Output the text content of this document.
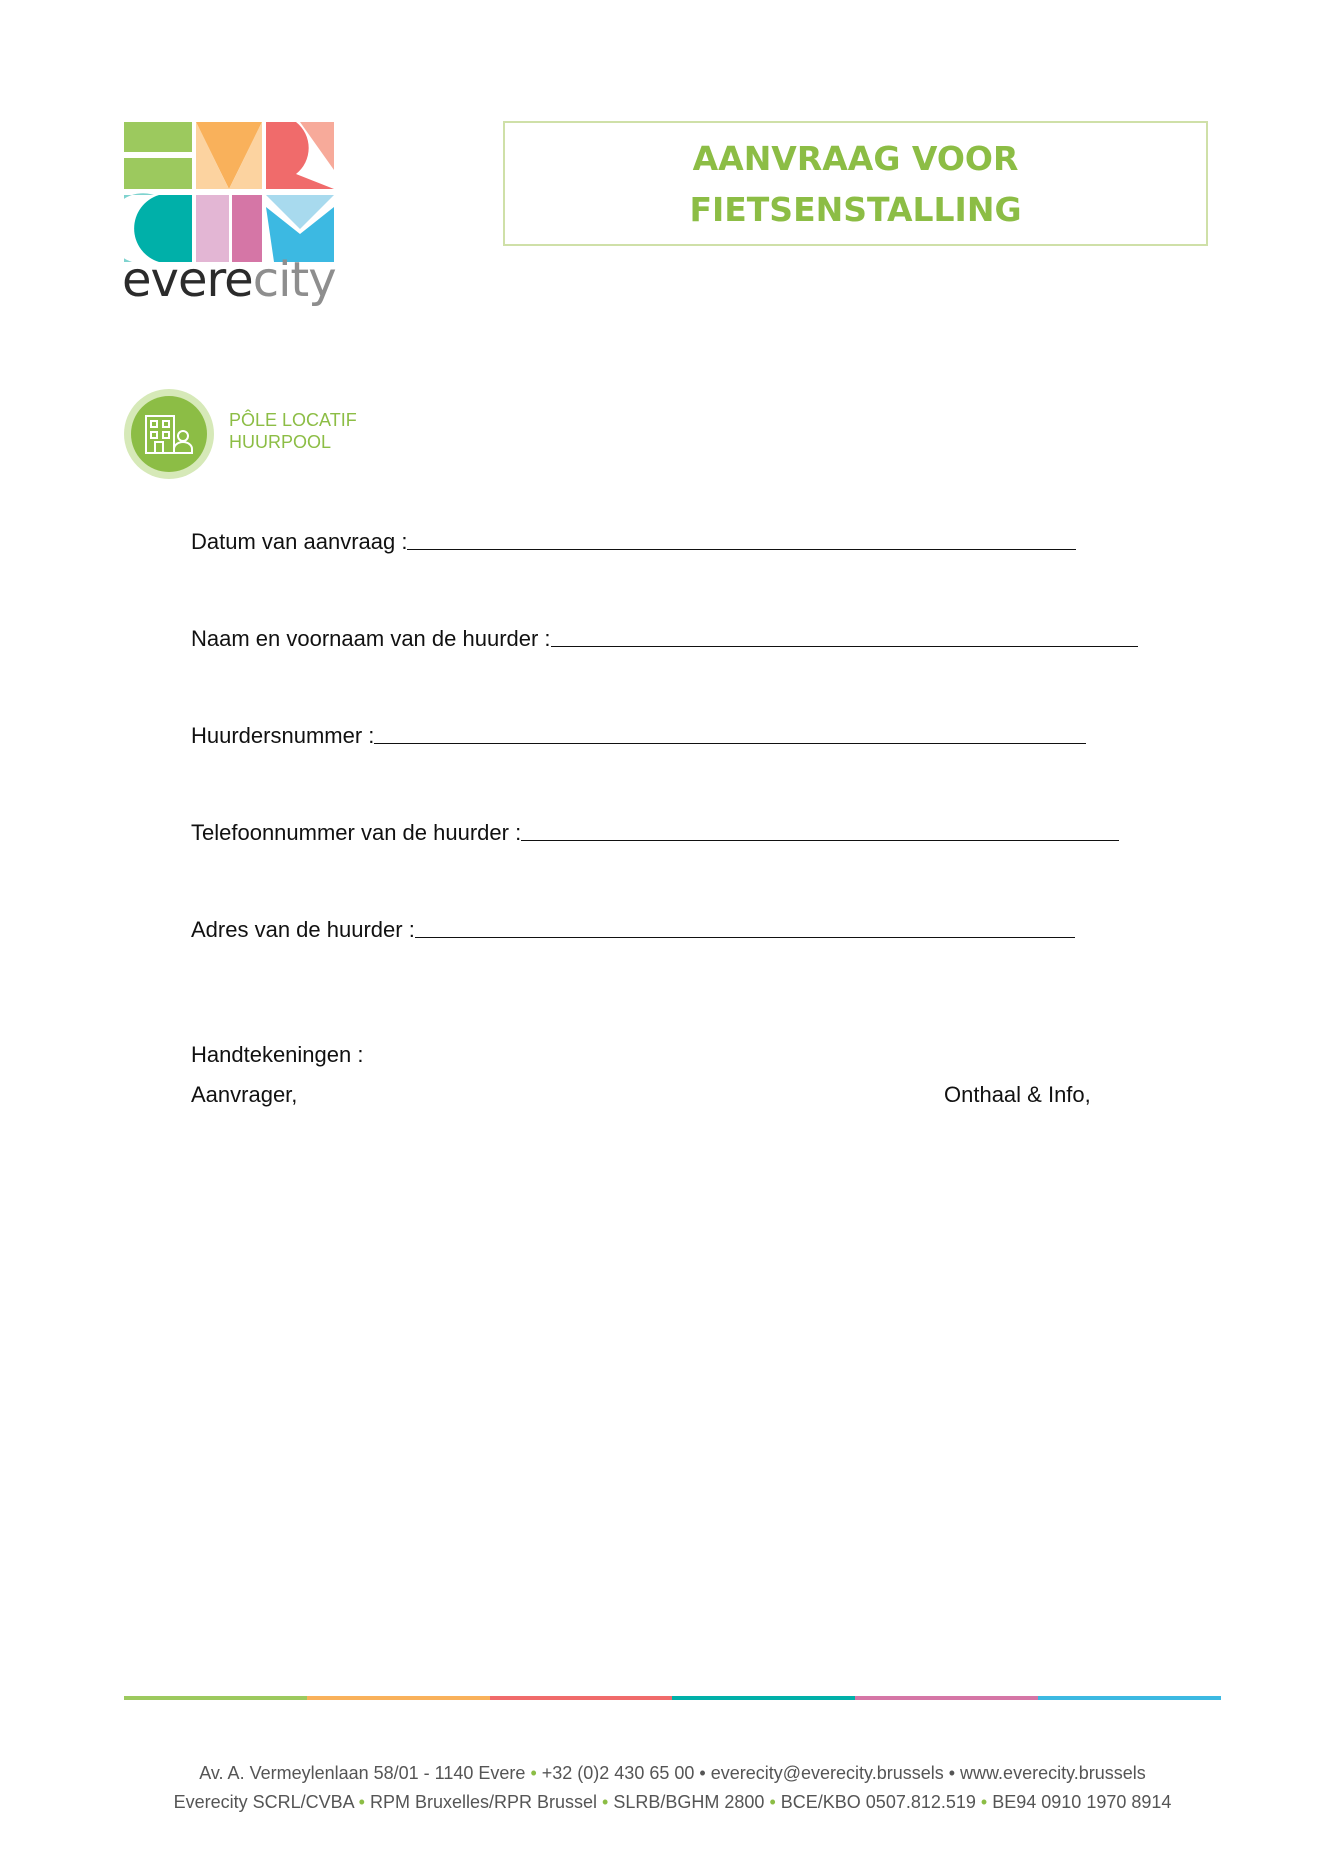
everecity
AANVRAAG VOOR
FIETSENSTALLING
PÔLE LOCATIF
HUURPOOL
Datum van aanvraag :
Naam en voornaam van de huurder :
Huurdersnummer :
Telefoonnummer van de huurder :
Adres van de huurder :
Handtekeningen :
Aanvrager,	Onthaal & Info,
Av. A. Vermeylenlaan 58/01 - 1140 Evere • +32 (0)2 430 65 00 • everecity@everecity.brussels • www.everecity.brussels
Everecity SCRL/CVBA • RPM Bruxelles/RPR Brussel • SLRB/BGHM 2800 • BCE/KBO 0507.812.519 • BE94 0910 1970 8914
